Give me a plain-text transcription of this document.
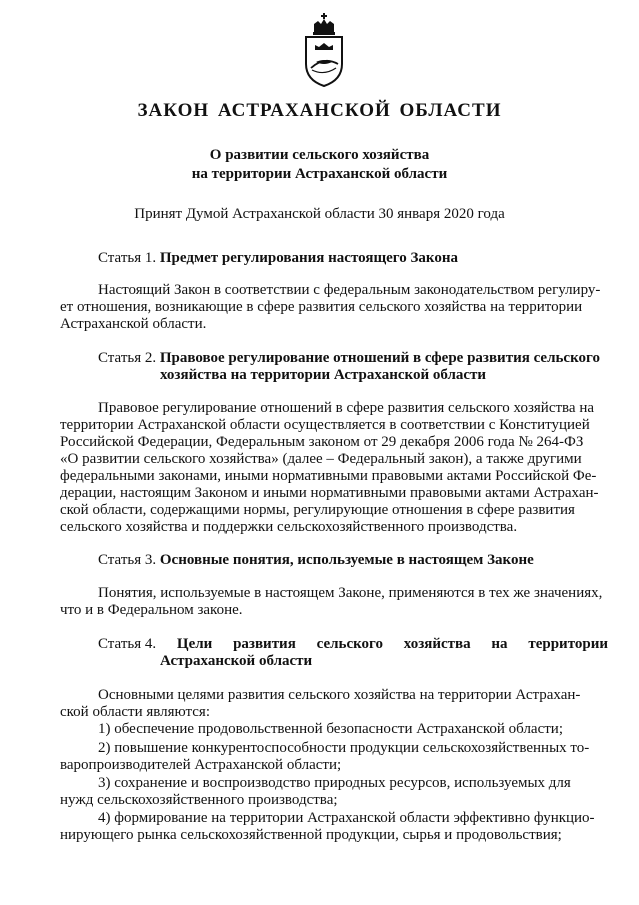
ЗАКОН АСТРАХАНСКОЙ ОБЛАСТИ
О развитии сельского хозяйства
на территории Астраханской области
Принят Думой Астраханской области 30 января 2020 года
Статья 1. Предмет регулирования настоящего Закона
Настоящий Закон в соответствии с федеральным законодательством регулиру-
ет отношения, возникающие в сфере развития сельского хозяйства на территории
Астраханской области.
Статья 2. Правовое регулирование отношений в сфере развития сельского
хозяйства на территории Астраханской области
Правовое регулирование отношений в сфере развития сельского хозяйства на
территории Астраханской области осуществляется в соответствии с Конституцией
Российской Федерации, Федеральным законом от 29 декабря 2006 года № 264-ФЗ
«О развитии сельского хозяйства» (далее – Федеральный закон), а также другими
федеральными законами, иными нормативными правовыми актами Российской Фе-
дерации, настоящим Законом и иными нормативными правовыми актами Астрахан-
ской области, содержащими нормы, регулирующие отношения в сфере развития
сельского хозяйства и поддержки сельскохозяйственного производства.
Статья 3. Основные понятия, используемые в настоящем Законе
Понятия, используемые в настоящем Законе, применяются в тех же значениях,
что и в Федеральном законе.
Статья 4. Цели развития сельского хозяйства на территории
Астраханской области
Основными целями развития сельского хозяйства на территории Астрахан-
ской области являются:
1) обеспечение продовольственной безопасности Астраханской области;
2) повышение конкурентоспособности продукции сельскохозяйственных то-
варопроизводителей Астраханской области;
3) сохранение и воспроизводство природных ресурсов, используемых для
нужд сельскохозяйственного производства;
4) формирование на территории Астраханской области эффективно функцио-
нирующего рынка сельскохозяйственной продукции, сырья и продовольствия;
